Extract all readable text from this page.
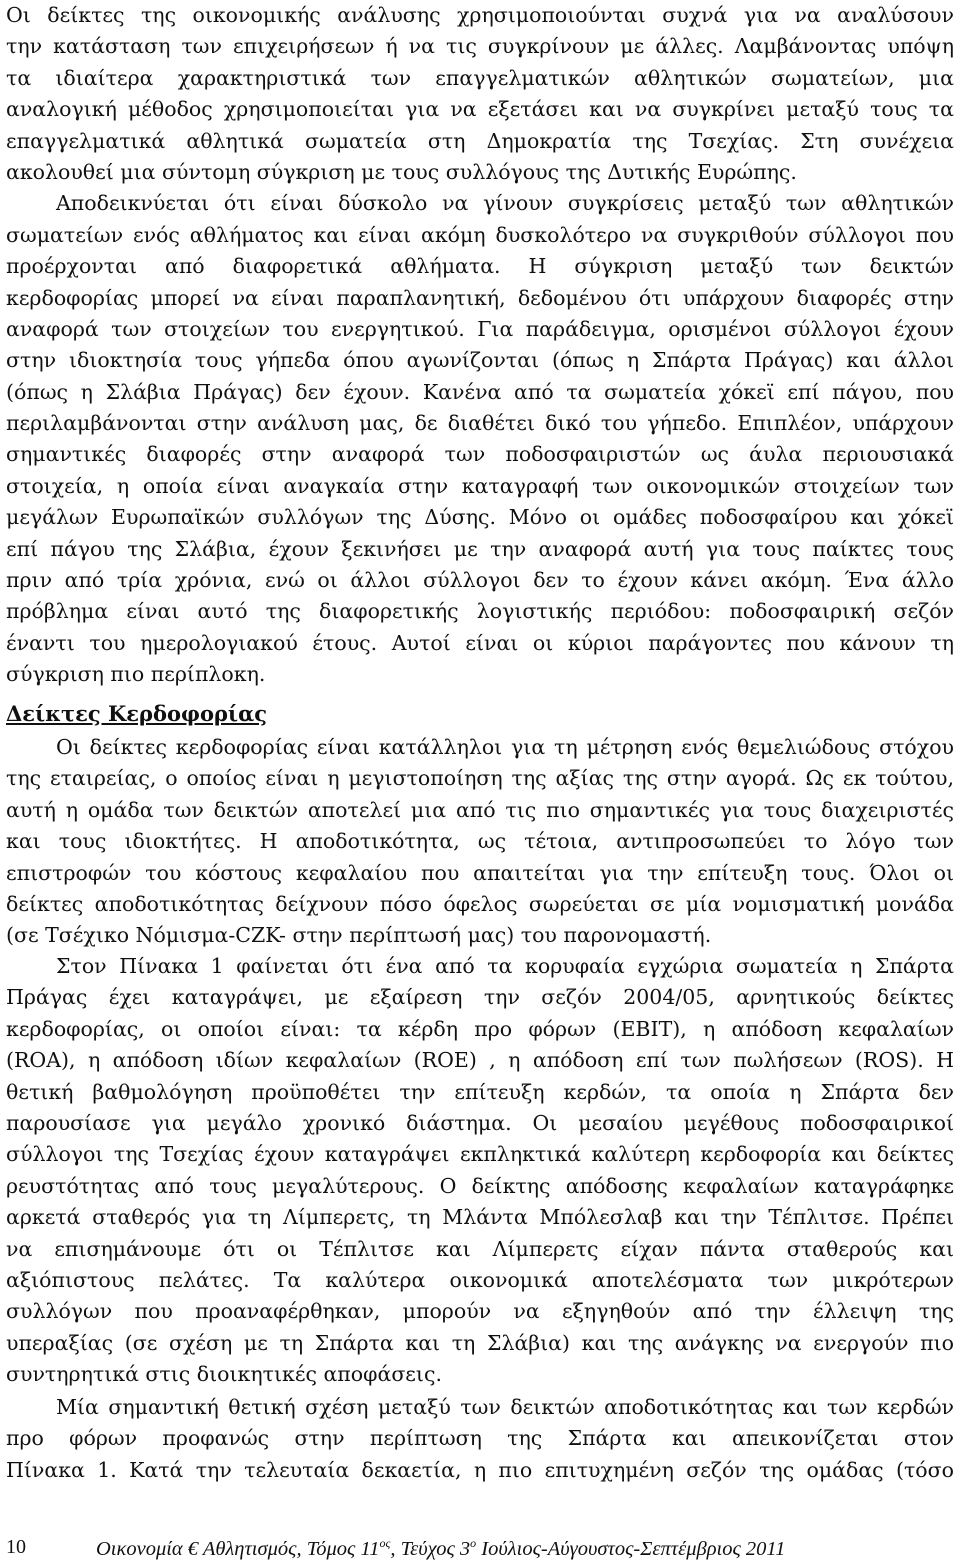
Οι δείκτες της οικονομικής ανάλυσης χρησιμοποιούνται συχνά για να αναλύσουν
την κατάσταση των επιχειρήσεων ή να τις συγκρίνουν με άλλες. Λαμβάνοντας υπόψη
τα ιδιαίτερα χαρακτηριστικά των επαγγελματικών αθλητικών σωματείων, μια
αναλογική μέθοδος χρησιμοποιείται για να εξετάσει και να συγκρίνει μεταξύ τους τα
επαγγελματικά αθλητικά σωματεία στη Δημοκρατία της Τσεχίας. Στη συνέχεια
ακολουθεί μια σύντομη σύγκριση με τους συλλόγους της Δυτικής Ευρώπης.
Αποδεικνύεται ότι είναι δύσκολο να γίνουν συγκρίσεις μεταξύ των αθλητικών
σωματείων ενός αθλήματος και είναι ακόμη δυσκολότερο να συγκριθούν σύλλογοι που
προέρχονται από διαφορετικά αθλήματα. Η σύγκριση μεταξύ των δεικτών
κερδοφορίας μπορεί να είναι παραπλανητική, δεδομένου ότι υπάρχουν διαφορές στην
αναφορά των στοιχείων του ενεργητικού. Για παράδειγμα, ορισμένοι σύλλογοι έχουν
στην ιδιοκτησία τους γήπεδα όπου αγωνίζονται (όπως η Σπάρτα Πράγας) και άλλοι
(όπως η Σλάβια Πράγας) δεν έχουν. Κανένα από τα σωματεία χόκεϊ επί πάγου, που
περιλαμβάνονται στην ανάλυση μας, δε διαθέτει δικό του γήπεδο. Επιπλέον, υπάρχουν
σημαντικές διαφορές στην αναφορά των ποδοσφαιριστών ως άυλα περιουσιακά
στοιχεία, η οποία είναι αναγκαία στην καταγραφή των οικονομικών στοιχείων των
μεγάλων Ευρωπαϊκών συλλόγων της Δύσης. Μόνο οι ομάδες ποδοσφαίρου και χόκεϊ
επί πάγου της Σλάβια, έχουν ξεκινήσει με την αναφορά αυτή για τους παίκτες τους
πριν από τρία χρόνια, ενώ οι άλλοι σύλλογοι δεν το έχουν κάνει ακόμη. Ένα άλλο
πρόβλημα είναι αυτό της διαφορετικής λογιστικής περιόδου: ποδοσφαιρική σεζόν
έναντι του ημερολογιακού έτους. Αυτοί είναι οι κύριοι παράγοντες που κάνουν τη
σύγκριση πιο περίπλοκη.
Δείκτες Κερδοφορίας
Οι δείκτες κερδοφορίας είναι κατάλληλοι για τη μέτρηση ενός θεμελιώδους στόχου
της εταιρείας, ο οποίος είναι η μεγιστοποίηση της αξίας της στην αγορά. Ως εκ τούτου,
αυτή η ομάδα των δεικτών αποτελεί μια από τις πιο σημαντικές για τους διαχειριστές
και τους ιδιοκτήτες. Η αποδοτικότητα, ως τέτοια, αντιπροσωπεύει το λόγο των
επιστροφών του κόστους κεφαλαίου που απαιτείται για την επίτευξη τους. Όλοι οι
δείκτες αποδοτικότητας δείχνουν πόσο όφελος σωρεύεται σε μία νομισματική μονάδα
(σε Τσέχικο Νόμισμα-CZK- στην περίπτωσή μας) του παρονομαστή.
Στον Πίνακα 1 φαίνεται ότι ένα από τα κορυφαία εγχώρια σωματεία η Σπάρτα
Πράγας έχει καταγράψει, με εξαίρεση την σεζόν 2004/05, αρνητικούς δείκτες
κερδοφορίας, οι οποίοι είναι: τα κέρδη προ φόρων (EBIT), η απόδοση κεφαλαίων
(ROA), η απόδοση ιδίων κεφαλαίων (ROE) , η απόδοση επί των πωλήσεων (ROS). Η
θετική βαθμολόγηση προϋποθέτει την επίτευξη κερδών, τα οποία η Σπάρτα δεν
παρουσίασε για μεγάλο χρονικό διάστημα. Οι μεσαίου μεγέθους ποδοσφαιρικοί
σύλλογοι της Τσεχίας έχουν καταγράψει εκπληκτικά καλύτερη κερδοφορία και δείκτες
ρευστότητας από τους μεγαλύτερους. Ο δείκτης απόδοσης κεφαλαίων καταγράφηκε
αρκετά σταθερός για τη Λίμπερετς, τη Μλάντα Μπόλεσλαβ και την Τέπλιτσε. Πρέπει
να επισημάνουμε ότι οι Τέπλιτσε και Λίμπερετς είχαν πάντα σταθερούς και
αξιόπιστους πελάτες. Τα καλύτερα οικονομικά αποτελέσματα των μικρότερων
συλλόγων που προαναφέρθηκαν, μπορούν να εξηγηθούν από την έλλειψη της
υπεραξίας (σε σχέση με τη Σπάρτα και τη Σλάβια) και της ανάγκης να ενεργούν πιο
συντηρητικά στις διοικητικές αποφάσεις.
Μία σημαντική θετική σχέση μεταξύ των δεικτών αποδοτικότητας και των κερδών
προ φόρων προφανώς στην περίπτωση της Σπάρτα και απεικονίζεται στον
Πίνακα 1. Κατά την τελευταία δεκαετία, η πιο επιτυχημένη σεζόν της ομάδας (τόσο
10	Οικονομία € Αθλητισμός, Τόμος $11^{o\varsigma}$, Τεύχος $3^o$ Ιούλιος-Αύγουστος-Σεπτέμβριος 2011
